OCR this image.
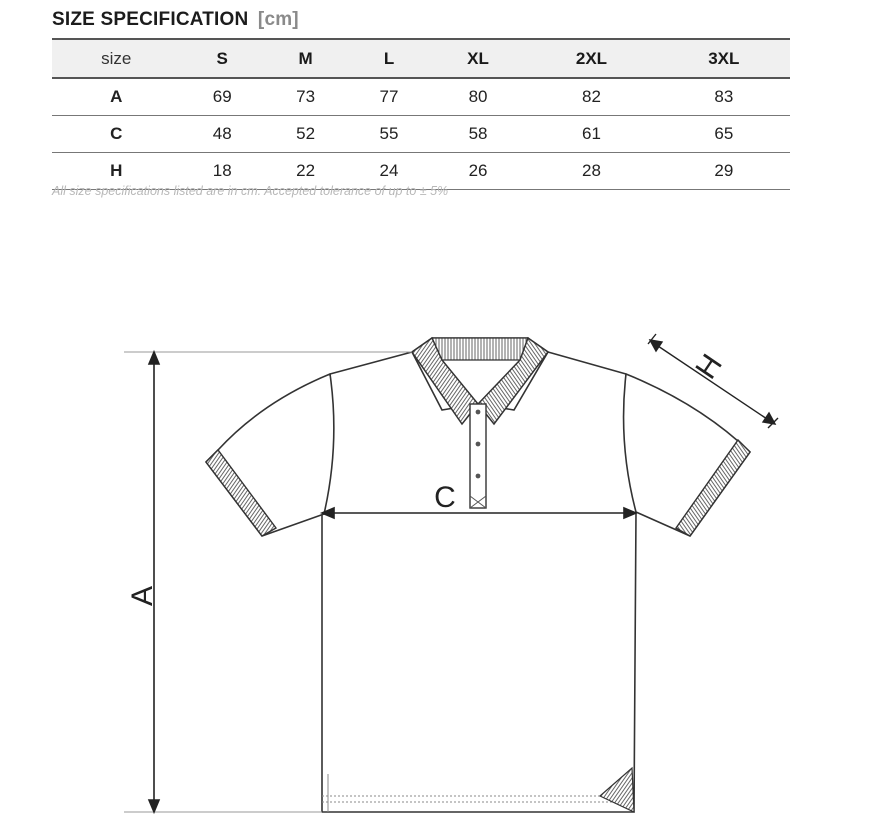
SIZE SPECIFICATION [cm]
size	S	M	L	XL	2XL	3XL
A	69	73	77	80	82	83
C	48	52	55	58	61	65
H	18	22	24	26	28	29
All size specifications listed are in cm. Accepted tolerance of up to ± 5%
A
C
H
